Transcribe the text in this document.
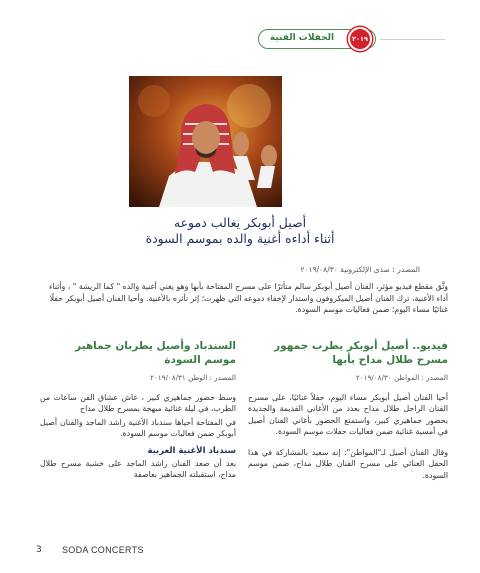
الحفلات الفنية	٢٠١٩
أصيل أبوبكر يغالب دموعه
أثناء أداءه أغنية والده بموسم السودة
المصدر : صدى الإلكترونية ٢٠١٩/٠٨/٣٠
وثَّق مقطع فيديو مؤثر، الفنان أصيل أبوبكر سالم متأثرًا على مسرح المفتاحة بأبها وهو يغني أغنية والده " كما الريشة " ، وأثناء أداء الأغنية، ترك الفنان أصيل الميكروفون واستدار لإخفاء دموعه التي ظهرت؛ إثر تأثره بالأغنية. وأحيا الفنان أصيل أبوبكر حفلًا غنائيًا مساء اليوم؛ ضمن فعاليات موسم السودة.
فيديو.. أصيل أبوبكر يطرب جمهور مسرح طلال مداح بأبها
المصدر : المواطن ٢٠١٩/٠٨/٣٠

أحيا الفنان أصيل أبوبكر مساء اليوم، حفلاً غنائيًا، على مسرح الفنان الراحل طلال مداح بعدد من الأغاني القديمة والجديدة بحضور جماهيري كبير، واستمتع الحضور بأغاني الفنان أصيل في أمسية غنائية ضمن فعاليات حفلات موسم السودة.

وقال الفنان أصيل لـ"المواطن": إنه سعيد بالمشاركة في هذا الحفل الغنائي على مسرح الفنان طلال مداح، ضمن موسم السودة.

السندباد وأصيل يطربان جماهير موسم السودة
المصدر : الوطن ٢٠١٩/٠٨/٣١

وسط حضور جماهيري كبير ، عاش عشاق الفن ساعات من الطرب، في ليلة غنائية مبهجة بمسرح طلال مداح

في المفتاحة أحياها سندباد الأغنية راشد الماجد والفنان أصيل أبوبكر ضمن فعاليات موسم السودة.

سندباد الأغنية العربية

بعد أن صعد الفنان راشد الماجد على خشبة مسرح طلال مداح، استقبلته الجماهير بعاصفة

3 SODA CONCERTS
